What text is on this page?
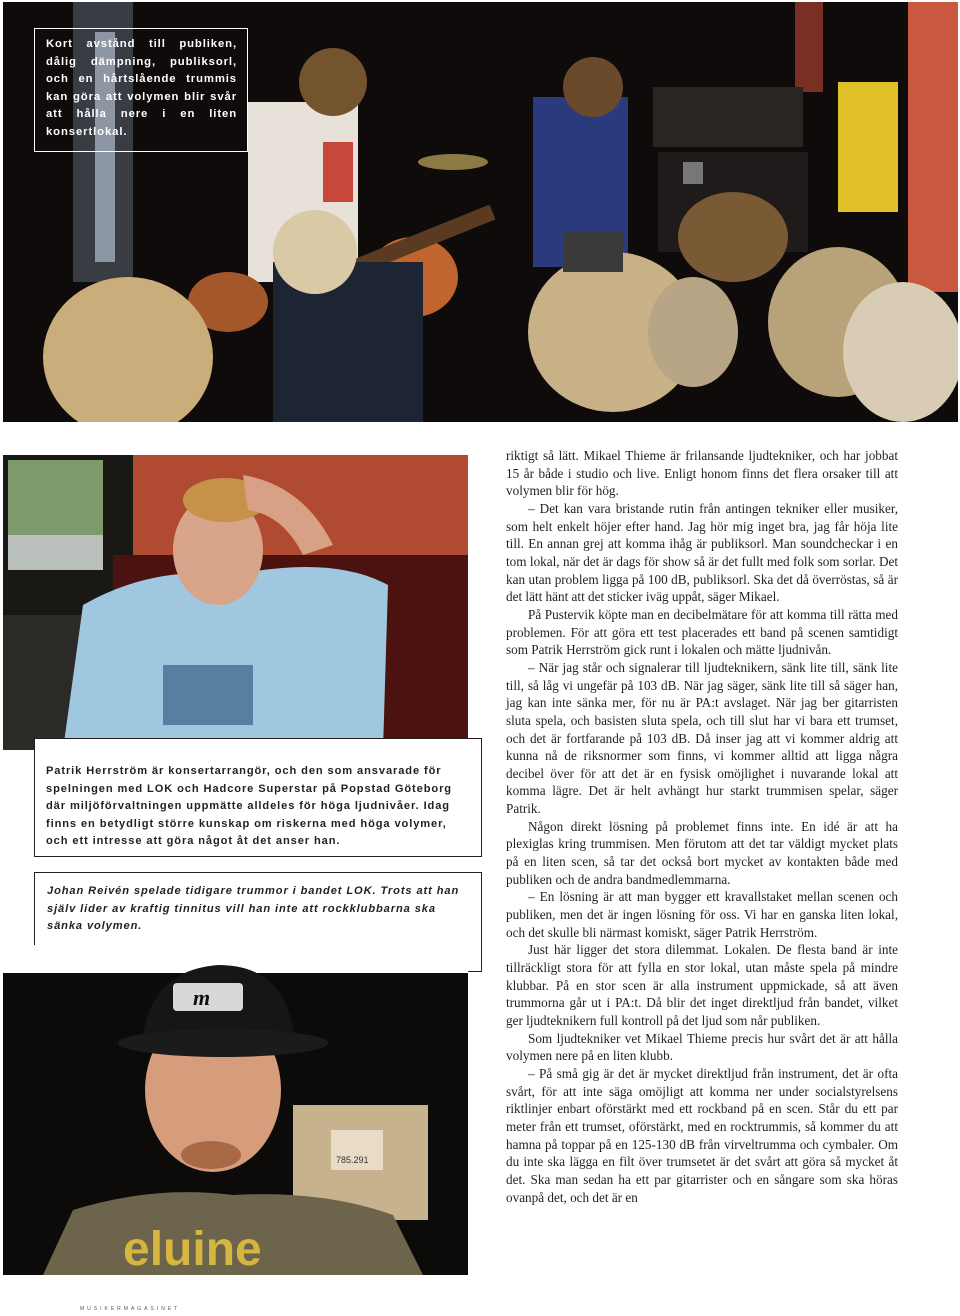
Kort avstånd till publiken, dålig dämpning, publiksorl, och en hårtslående trummis kan göra att volymen blir svår att hålla nere i en liten konsertlokal.
Patrik Herrström är konsertarrangör, och den som ansvarade för spelningen med LOK och Hadcore Superstar på Popstad Göteborg där miljöförvaltningen uppmätte alldeles för höga ljudnivåer. Idag finns en betydligt större kunskap om riskerna med höga volymer, och ett intresse att göra något åt det anser han.
Johan Reivén spelade tidigare trummor i bandet LOK. Trots att han själv lider av kraftig tinnitus vill han inte att rockklubbarna ska sänka volymen.
785.291
eluine
m

riktigt så lätt. Mikael Thieme är frilansande ljudtekniker, och har jobbat 15 år både i studio och live. Enligt honom finns det flera orsaker till att volymen blir för hög.

– Det kan vara bristande rutin från antingen tekniker eller musiker, som helt enkelt höjer efter hand. Jag hör mig inget bra, jag får höja lite till. En annan grej att komma ihåg är publiksorl. Man soundcheckar i en tom lokal, när det är dags för show så är det fullt med folk som sorlar. Det kan utan problem ligga på 100 dB, publiksorl. Ska det då överröstas, så är det lätt hänt att det sticker iväg uppåt, säger Mikael.

På Pustervik köpte man en decibelmätare för att komma till rätta med problemen. För att göra ett test placerades ett band på scenen samtidigt som Patrik Herrström gick runt i lokalen och mätte ljudnivån.

– När jag står och signalerar till ljudteknikern, sänk lite till, sänk lite till, så låg vi ungefär på 103 dB. När jag säger, sänk lite till så säger han, jag kan inte sänka mer, för nu är PA:t avslaget. När jag ber gitarristen sluta spela, och basisten sluta spela, och till slut har vi bara ett trumset, och det är fortfarande på 103 dB. Då inser jag att vi kommer aldrig att kunna nå de riksnormer som finns, vi kommer alltid att ligga några decibel över för att det är en fysisk omöjlighet i nuvarande lokal att komma lägre. Det är helt avhängt hur starkt trummisen spelar, säger Patrik.

Någon direkt lösning på problemet finns inte. En idé är att ha plexiglas kring trummisen. Men förutom att det tar väldigt mycket plats på en liten scen, så tar det också bort mycket av kontakten både med publiken och de andra bandmedlemmarna.

– En lösning är att man bygger ett kravallstaket mellan scenen och publiken, men det är ingen lösning för oss. Vi har en ganska liten lokal, och det skulle bli närmast komiskt, säger Patrik Herrström.

Just här ligger det stora dilemmat. Lokalen. De flesta band är inte tillräckligt stora för att fylla en stor lokal, utan måste spela på mindre klubbar. På en stor scen är alla instrument uppmickade, så att även trummorna går ut i PA:t. Då blir det inget direktljud från bandet, vilket ger ljudteknikern full kontroll på det ljud som når publiken.

Som ljudtekniker vet Mikael Thieme precis hur svårt det är att hålla volymen nere på en liten klubb.

– På små gig är det är mycket direktljud från instrument, det är ofta svårt, för att inte säga omöjligt att komma ner under socialstyrelsens riktlinjer enbart oförstärkt med ett rockband på en scen. Står du ett par meter från ett trumset, oförstärkt, med en rocktrummis, så kommer du att hamna på toppar på en 125-130 dB från virveltrumma och cymbaler. Om du inte ska lägga en filt över trumsetet är det svårt att göra så mycket åt det. Ska man sedan ha ett par gitarrister och en sångare som ska höras ovanpå det, och det är en

MUSIKERMAGASINET
